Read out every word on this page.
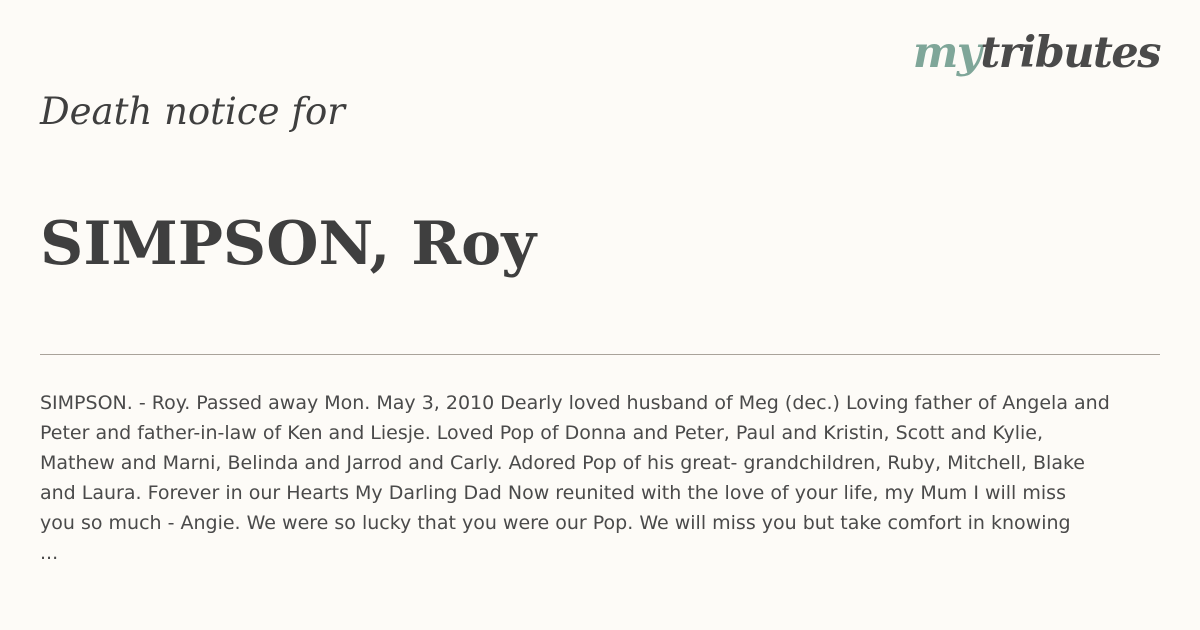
mytributes
Death notice for
SIMPSON, Roy
SIMPSON. - Roy. Passed away Mon. May 3, 2010 Dearly loved husband of Meg (dec.) Loving father of Angela and
Peter and father-in-law of Ken and Liesje. Loved Pop of Donna and Peter, Paul and Kristin, Scott and Kylie,
Mathew and Marni, Belinda and Jarrod and Carly. Adored Pop of his great- grandchildren, Ruby, Mitchell, Blake
and Laura. Forever in our Hearts My Darling Dad Now reunited with the love of your life, my Mum I will miss
you so much - Angie. We were so lucky that you were our Pop. We will miss you but take comfort in knowing
...
